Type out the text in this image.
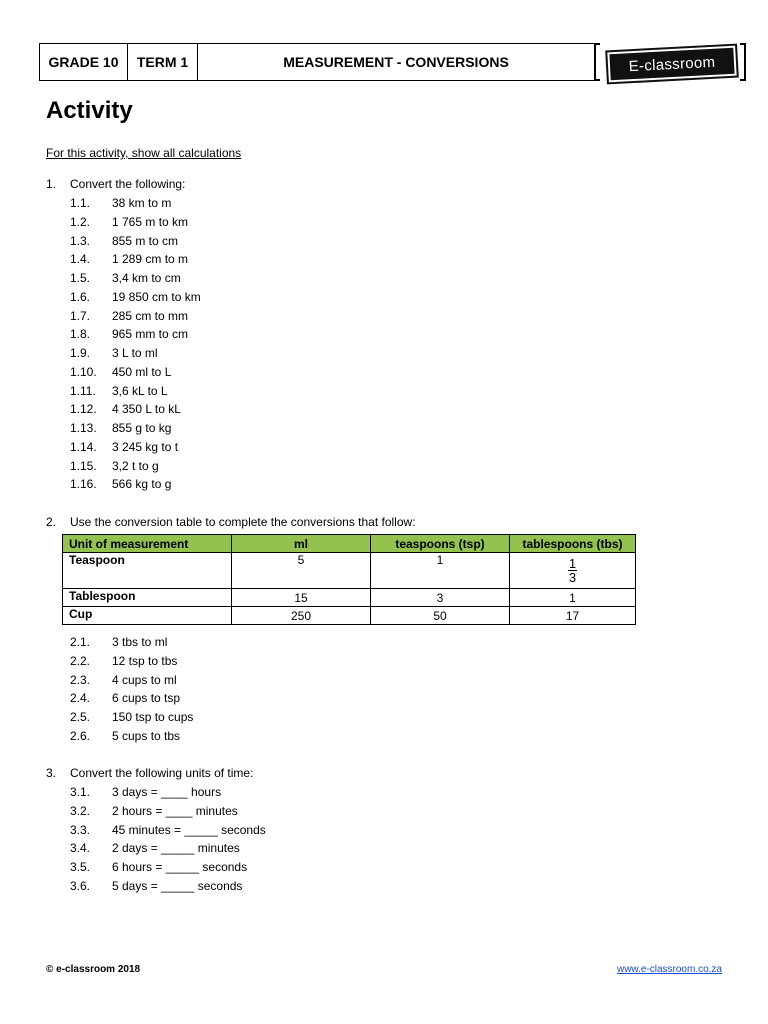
GRADE 10	TERM 1	MEASUREMENT - CONVERSIONS	E-classroom
Activity
For this activity, show all calculations
1. Convert the following:
1.1. 38 km to m
1.2. 1 765 m to km
1.3. 855 m to cm
1.4. 1 289 cm to m
1.5. 3,4 km to cm
1.6. 19 850 cm to km
1.7. 285 cm to mm
1.8. 965 mm to cm
1.9. 3 L to ml
1.10. 450 ml to L
1.11. 3,6 kL to L
1.12. 4 350 L to kL
1.13. 855 g to kg
1.14. 3 245 kg to t
1.15. 3,2 t to g
1.16. 566 kg to g
2. Use the conversion table to complete the conversions that follow:
Unit of measurement	ml	teaspoons (tsp)	tablespoons (tbs)
Teaspoon	5	1	$\frac{1}{3}$

Tablespoon	15	3	1
Cup	250	50	17
2.1. 3 tbs to ml
2.2. 12 tsp to tbs
2.3. 4 cups to ml
2.4. 6 cups to tsp
2.5. 150 tsp to cups
2.6. 5 cups to tbs
3. Convert the following units of time:
3.1. 3 days = ____ hours
3.2. 2 hours = ____ minutes
3.3. 45 minutes = _____ seconds
3.4. 2 days = _____ minutes
3.5. 6 hours = _____ seconds
3.6. 5 days = _____ seconds
© e-classroom 2018	www.e-classroom.co.za
